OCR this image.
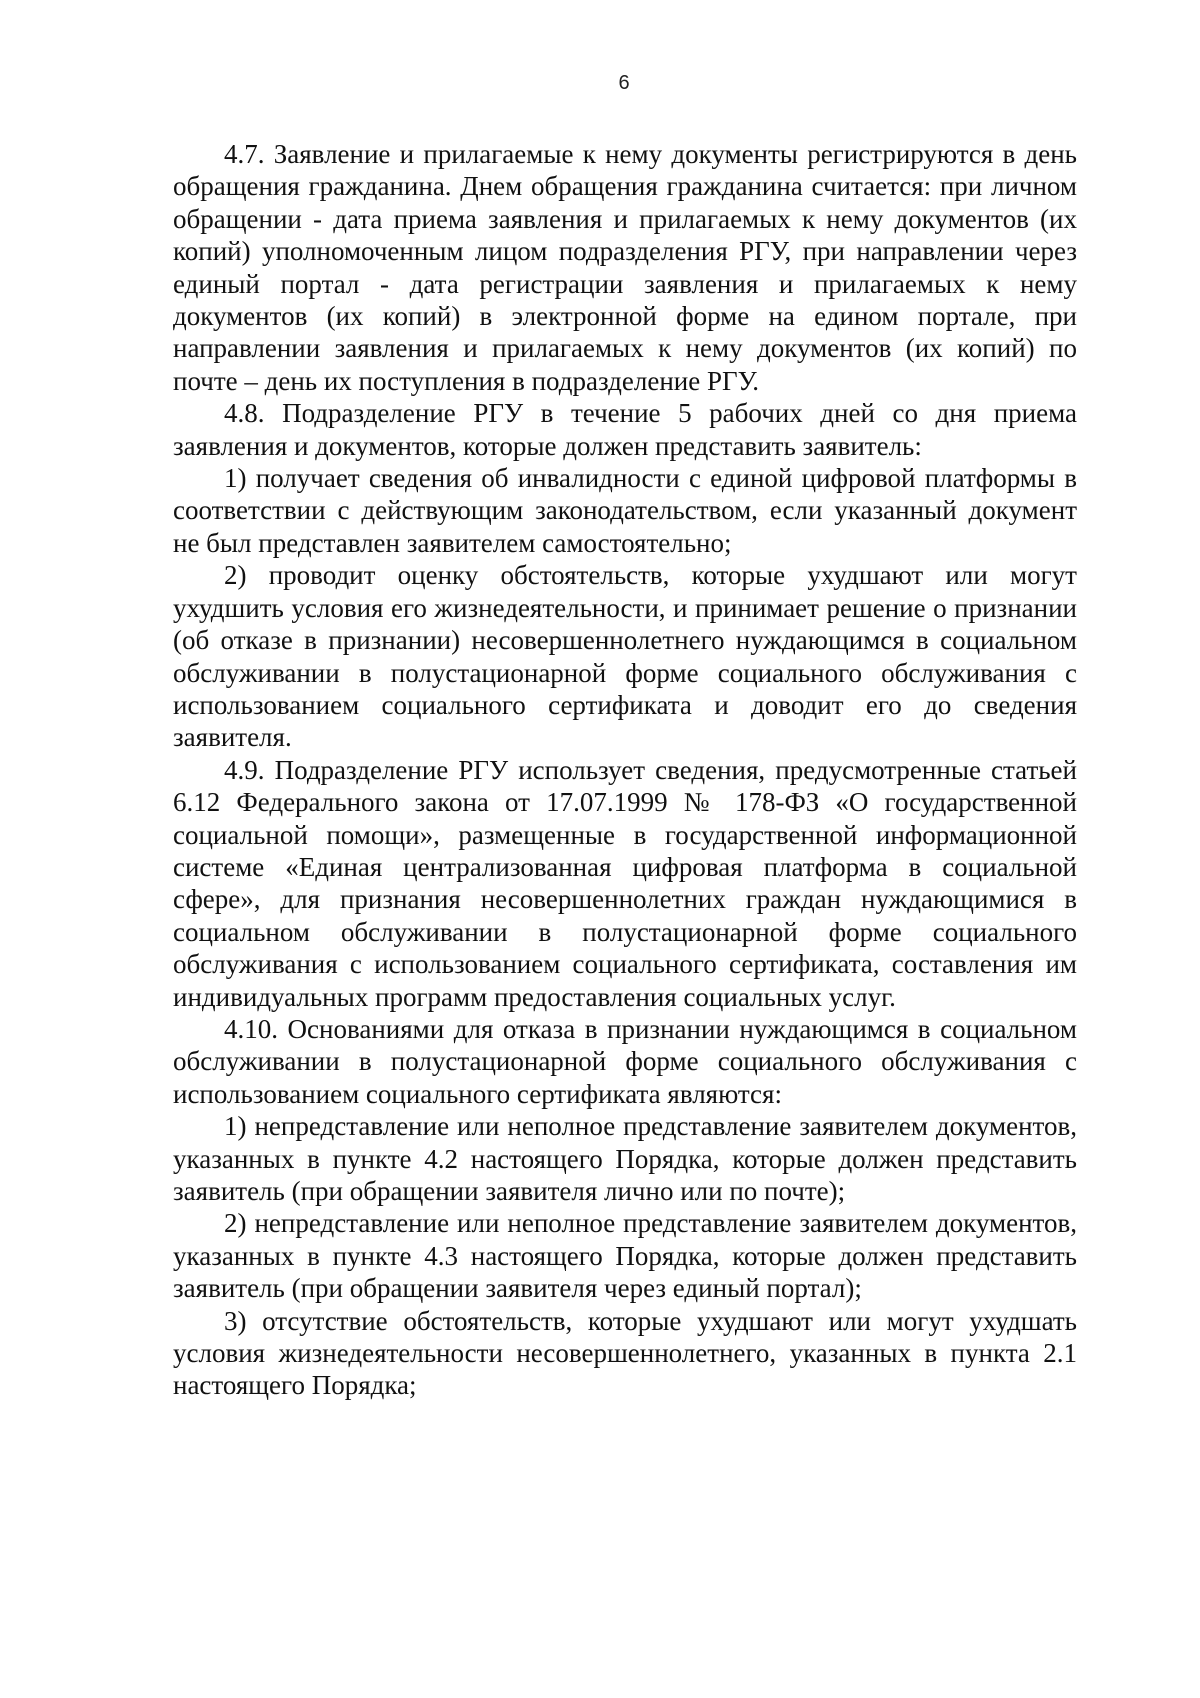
6

4.7. Заявление и прилагаемые к нему документы регистрируются в день обращения гражданина. Днем обращения гражданина считается: при личном обращении - дата приема заявления и прилагаемых к нему документов (их копий) уполномоченным лицом подразделения РГУ, при направлении через единый портал - дата регистрации заявления и прилагаемых к нему документов (их копий) в электронной форме на едином портале, при направлении заявления и прилагаемых к нему документов (их копий) по почте – день их поступления в подразделение РГУ.

4.8. Подразделение РГУ в течение 5 рабочих дней со дня приема заявления и документов, которые должен представить заявитель:

1) получает сведения об инвалидности с единой цифровой платформы в соответствии с действующим законодательством, если указанный документ не был представлен заявителем самостоятельно;

2) проводит оценку обстоятельств, которые ухудшают или могут ухудшить условия его жизнедеятельности, и принимает решение о признании (об отказе в признании) несовершеннолетнего нуждающимся в социальном обслуживании в полустационарной форме социального обслуживания с использованием социального сертификата и доводит его до сведения заявителя.

4.9. Подразделение РГУ использует сведения, предусмотренные статьей 6.12 Федерального закона от 17.07.1999 № 178-ФЗ «О государственной социальной помощи», размещенные в государственной информационной системе «Единая централизованная цифровая платформа в социальной сфере», для признания несовершеннолетних граждан нуждающимися в социальном обслуживании в полустационарной форме социального обслуживания с использованием социального сертификата, составления им индивидуальных программ предоставления социальных услуг.

4.10. Основаниями для отказа в признании нуждающимся в социальном обслуживании в полустационарной форме социального обслуживания с использованием социального сертификата являются:

1) непредставление или неполное представление заявителем документов, указанных в пункте 4.2 настоящего Порядка, которые должен представить заявитель (при обращении заявителя лично или по почте);

2) непредставление или неполное представление заявителем документов, указанных в пункте 4.3 настоящего Порядка, которые должен представить заявитель (при обращении заявителя через единый портал);

3) отсутствие обстоятельств, которые ухудшают или могут ухудшать условия жизнедеятельности несовершеннолетнего, указанных в пункта 2.1 настоящего Порядка;
